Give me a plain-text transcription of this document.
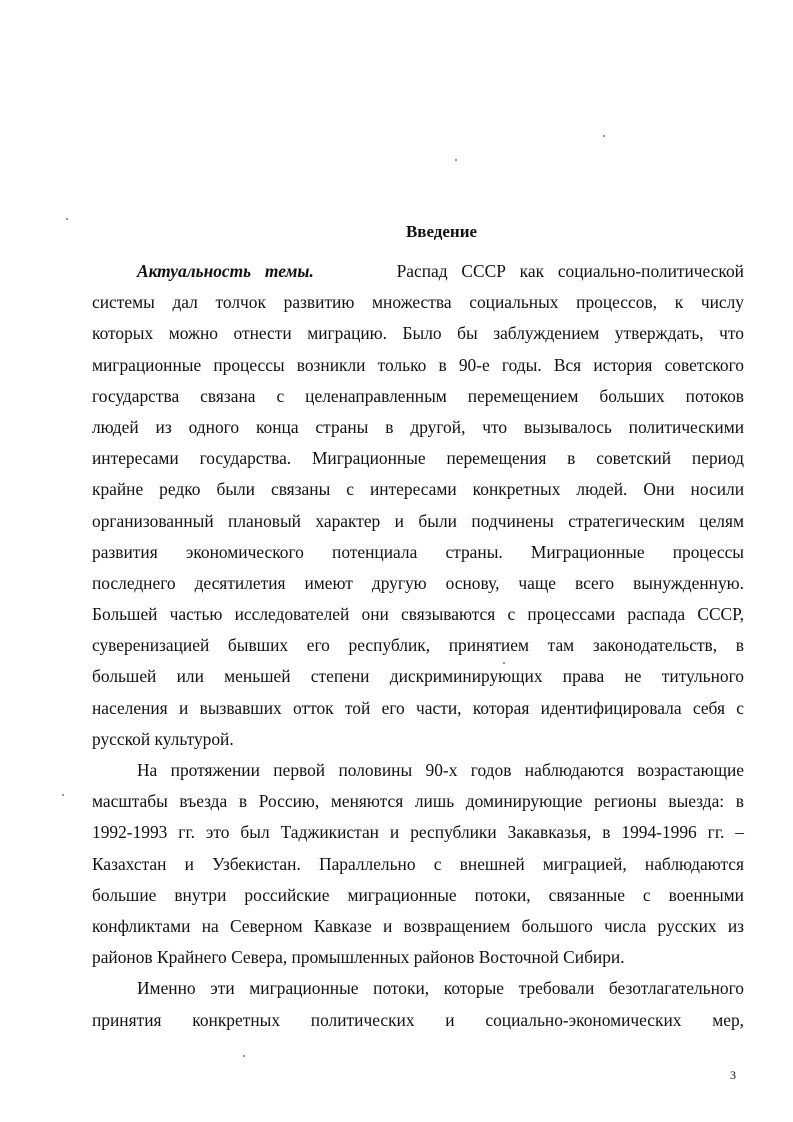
Введение
Актуальность темы.	Распад СССР как социально-политической
системы дал толчок развитию множества социальных процессов, к числу
которых можно отнести миграцию. Было бы заблуждением утверждать, что
миграционные процессы возникли только в 90-е годы. Вся история советского
государства связана с целенаправленным перемещением больших потоков
людей из одного конца страны в другой, что вызывалось политическими
интересами государства. Миграционные перемещения в советский период
крайне редко были связаны с интересами конкретных людей. Они носили
организованный плановый характер и были подчинены стратегическим целям
развития экономического потенциала страны. Миграционные процессы
последнего десятилетия имеют другую основу, чаще всего вынужденную.
Большей частью исследователей они связываются с процессами распада СССР,
суверенизацией бывших его республик, принятием там законодательств, в
большей или меньшей степени дискриминирующих права не титульного
населения и вызвавших отток той его части, которая идентифицировала себя с
русской культурой.
На протяжении первой половины 90-х годов наблюдаются возрастающие
масштабы въезда в Россию, меняются лишь доминирующие регионы выезда: в
1992-1993 гг. это был Таджикистан и республики Закавказья, в 1994-1996 гг. –
Казахстан и Узбекистан. Параллельно с внешней миграцией, наблюдаются
большие внутри российские миграционные потоки, связанные с военными
конфликтами на Северном Кавказе и возвращением большого числа русских из
районов Крайнего Севера, промышленных районов Восточной Сибири.
Именно эти миграционные потоки, которые требовали безотлагательного
принятия конкретных политических и социально-экономических мер,
3
